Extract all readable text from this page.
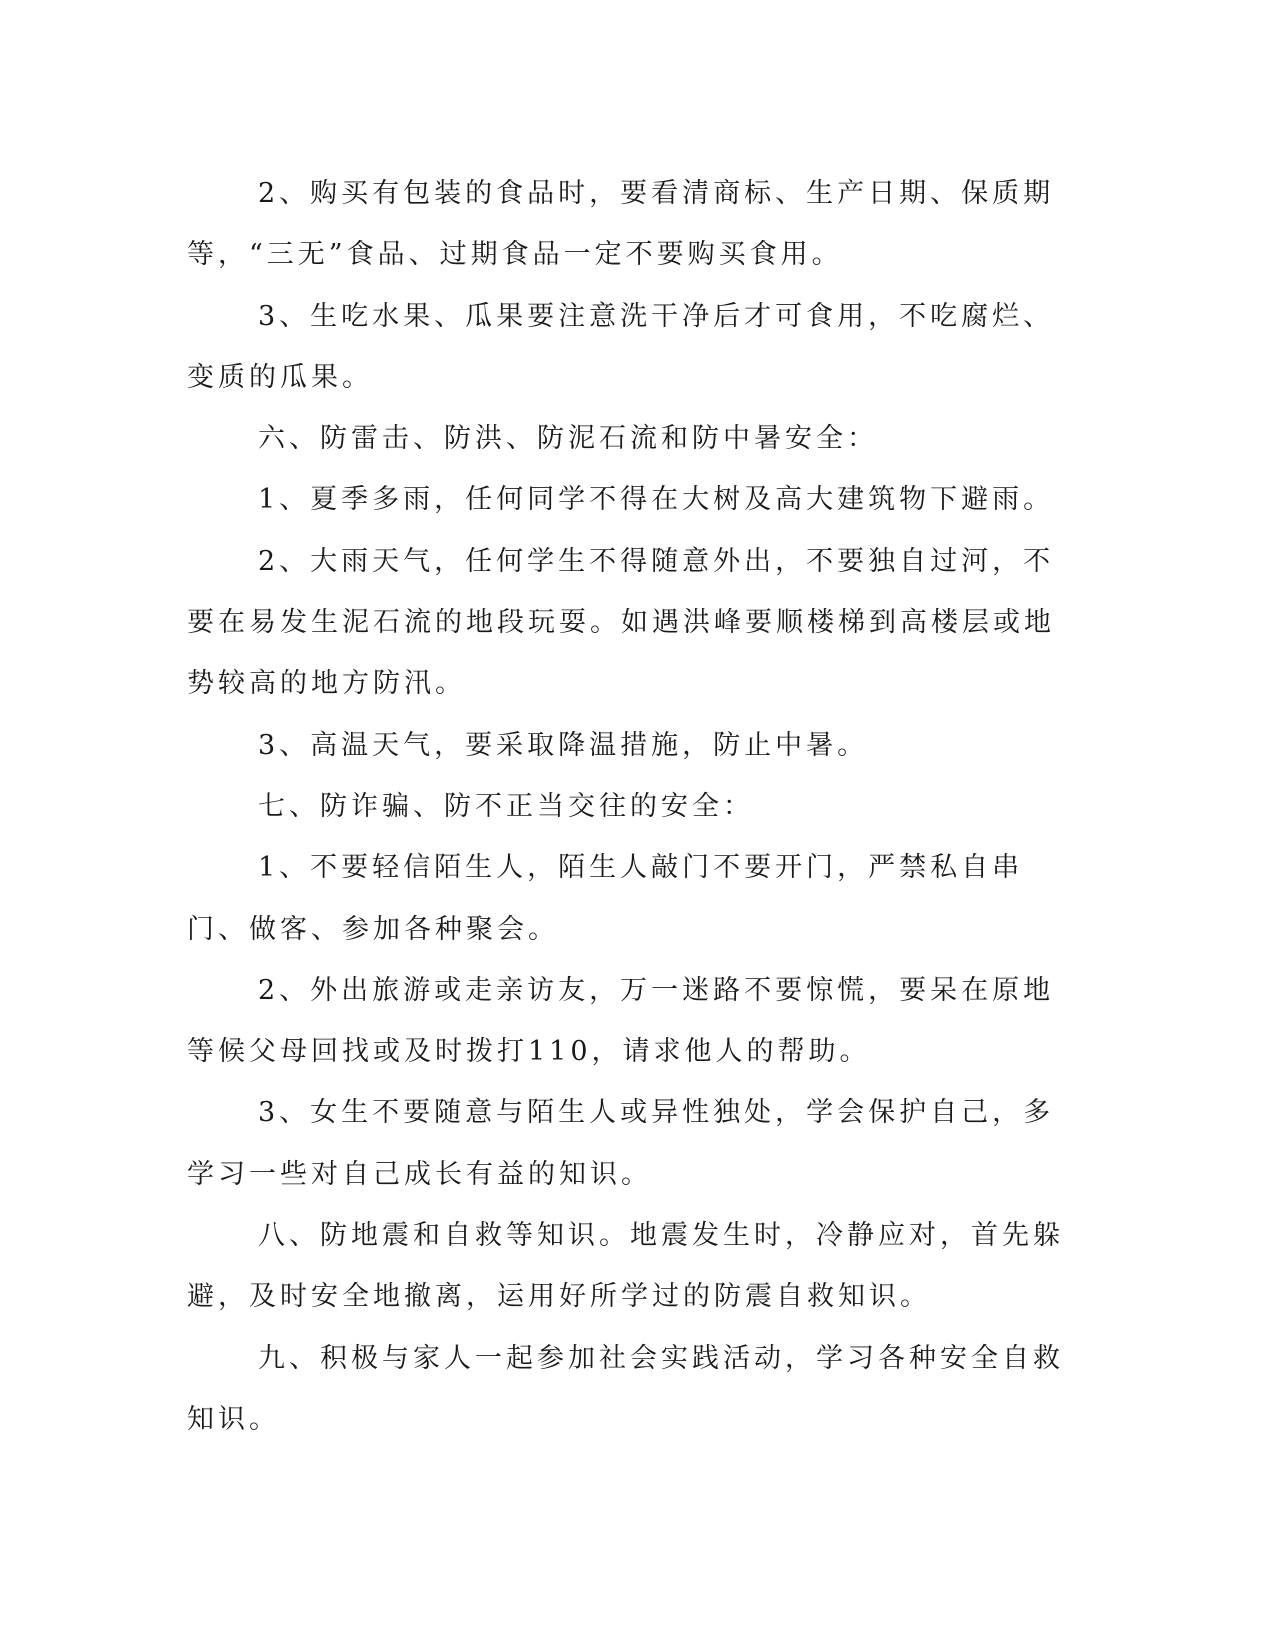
2、购买有包装的食品时，要看清商标、生产日期、保质期等，“三无”食品、过期食品一定不要购买食用。

3、生吃水果、瓜果要注意洗干净后才可食用，不吃腐烂、变质的瓜果。

六、防雷击、防洪、防泥石流和防中暑安全：

1、夏季多雨，任何同学不得在大树及高大建筑物下避雨。

2、大雨天气，任何学生不得随意外出，不要独自过河，不要在易发生泥石流的地段玩耍。如遇洪峰要顺楼梯到高楼层或地势较高的地方防汛。

3、高温天气，要采取降温措施，防止中暑。

七、防诈骗、防不正当交往的安全：

1、不要轻信陌生人，陌生人敲门不要开门，严禁私自串门、做客、参加各种聚会。

2、外出旅游或走亲访友，万一迷路不要惊慌，要呆在原地等候父母回找或及时拨打110，请求他人的帮助。

3、女生不要随意与陌生人或异性独处，学会保护自己，多学习一些对自己成长有益的知识。

八、防地震和自救等知识。地震发生时，冷静应对，首先躲避，及时安全地撤离，运用好所学过的防震自救知识。

九、积极与家人一起参加社会实践活动，学习各种安全自救知识。
